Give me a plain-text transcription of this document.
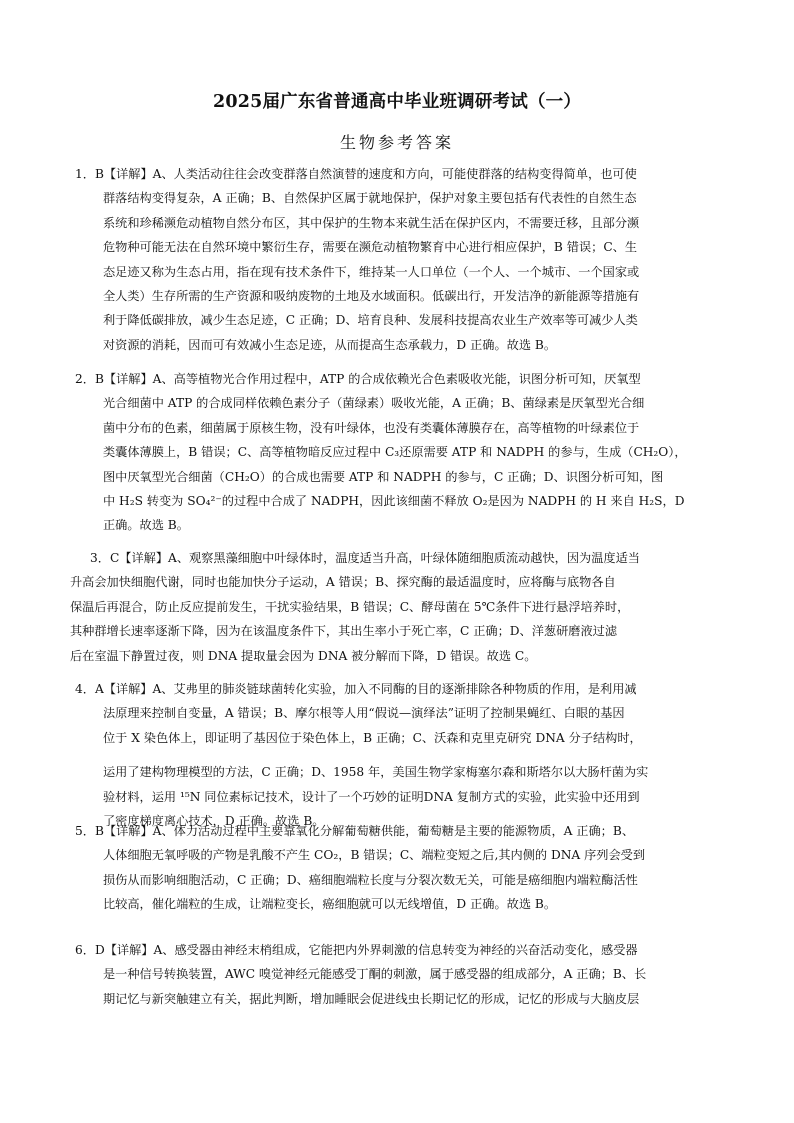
2025届广东省普通高中毕业班调研考试（一）
生物参考答案
1．B【详解】A、人类活动往往会改变群落自然演替的速度和方向，可能使群落的结构变得简单，也可使
群落结构变得复杂，A 正确；B、自然保护区属于就地保护，保护对象主要包括有代表性的自然生态
系统和珍稀濒危动植物自然分布区，其中保护的生物本来就生活在保护区内，不需要迁移，且部分濒
危物种可能无法在自然环境中繁衍生存，需要在濒危动植物繁育中心进行相应保护，B 错误；C、生
态足迹又称为生态占用，指在现有技术条件下，维持某一人口单位（一个人、一个城市、一个国家或
全人类）生存所需的生产资源和吸纳废物的土地及水域面积。低碳出行，开发洁净的新能源等措施有
利于降低碳排放，减少生态足迹，C 正确；D、培育良种、发展科技提高农业生产效率等可减少人类
对资源的消耗，因而可有效减小生态足迹，从而提高生态承载力，D 正确。故选 B。
2．B【详解】A、高等植物光合作用过程中，ATP 的合成依赖光合色素吸收光能，识图分析可知，厌氧型
光合细菌中 ATP 的合成同样依赖色素分子（菌绿素）吸收光能，A 正确；B、菌绿素是厌氧型光合细
菌中分布的色素，细菌属于原核生物，没有叶绿体，也没有类囊体薄膜存在，高等植物的叶绿素位于
类囊体薄膜上，B 错误；C、高等植物暗反应过程中 C₃还原需要 ATP 和 NADPH 的参与，生成（CH₂O），
图中厌氧型光合细菌（CH₂O）的合成也需要 ATP 和 NADPH 的参与，C 正确；D、识图分析可知，图
中 H₂S 转变为 SO₄²⁻的过程中合成了 NADPH，因此该细菌不释放 O₂是因为 NADPH 的 H 来自 H₂S，D
正确。故选 B。
3．C【详解】A、观察黑藻细胞中叶绿体时，温度适当升高，叶绿体随细胞质流动越快，因为温度适当
升高会加快细胞代谢，同时也能加快分子运动，A 错误；B、探究酶的最适温度时，应将酶与底物各自
保温后再混合，防止反应提前发生，干扰实验结果，B 错误；C、酵母菌在 5℃条件下进行悬浮培养时，
其种群增长速率逐渐下降，因为在该温度条件下，其出生率小于死亡率，C 正确；D、洋葱研磨液过滤
后在室温下静置过夜，则 DNA 提取量会因为 DNA 被分解而下降，D 错误。故选 C。
4．A【详解】A、艾弗里的肺炎链球菌转化实验，加入不同酶的目的逐渐排除各种物质的作用，是利用减
法原理来控制自变量，A 错误；B、摩尔根等人用“假说—演绎法”证明了控制果蝇红、白眼的基因
位于 X 染色体上，即证明了基因位于染色体上，B 正确；C、沃森和克里克研究 DNA 分子结构时，
运用了建构物理模型的方法，C 正确；D、1958 年，美国生物学家梅塞尔森和斯塔尔以大肠杆菌为实
验材料，运用 ¹⁵N 同位素标记技术，设计了一个巧妙的证明DNA 复制方式的实验，此实验中还用到
了密度梯度离心技术，D 正确。故选 B。
5．B【详解】A、体力活动过程中主要靠氧化分解葡萄糖供能，葡萄糖是主要的能源物质，A 正确；B、
人体细胞无氧呼吸的产物是乳酸不产生 CO₂，B 错误；C、端粒变短之后,其内侧的 DNA 序列会受到
损伤从而影响细胞活动，C 正确；D、癌细胞端粒长度与分裂次数无关，可能是癌细胞内端粒酶活性
比较高，催化端粒的生成，让端粒变长，癌细胞就可以无线增值，D 正确。故选 B。
6．D【详解】A、感受器由神经末梢组成，它能把内外界刺激的信息转变为神经的兴奋活动变化，感受器
是一种信号转换装置，AWC 嗅觉神经元能感受丁酮的刺激，属于感受器的组成部分，A 正确；B、长
期记忆与新突触建立有关，据此判断，增加睡眠会促进线虫长期记忆的形成，记忆的形成与大脑皮层
